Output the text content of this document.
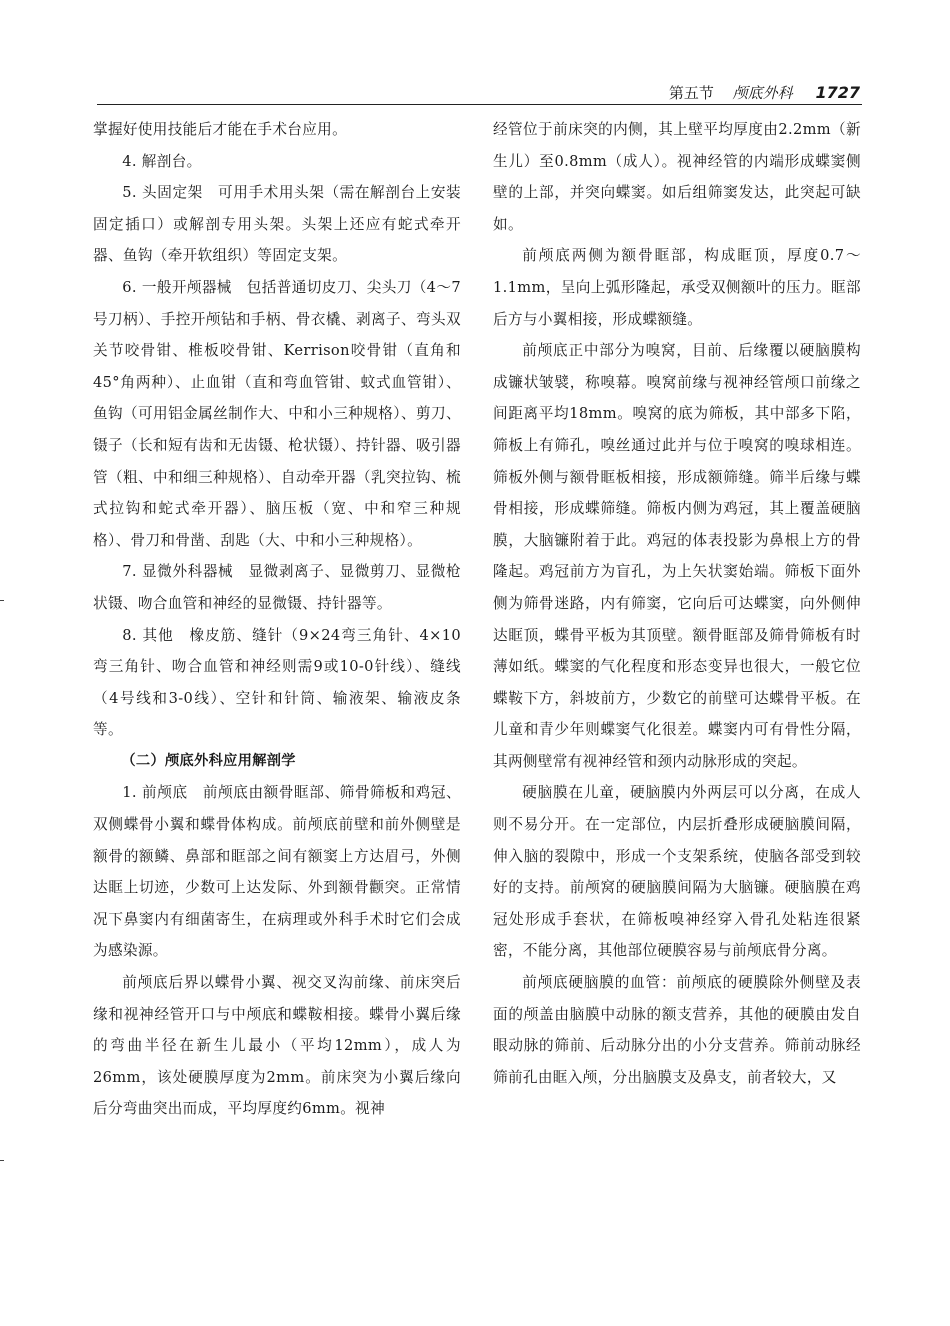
第五节 颅底外科 1727

掌握好使用技能后才能在手术台应用。

4. 解剖台。

5. 头固定架　可用手术用头架（需在解剖台上安装固定插口）或解剖专用头架。头架上还应有蛇式牵开器、鱼钩（牵开软组织）等固定支架。

6. 一般开颅器械　包括普通切皮刀、尖头刀（4～7号刀柄）、手控开颅钻和手柄、骨衣橇、剥离子、弯头双关节咬骨钳、椎板咬骨钳、Kerrison咬骨钳（直角和45°角两种）、止血钳（直和弯血管钳、蚊式血管钳）、鱼钩（可用铝金属丝制作大、中和小三种规格）、剪刀、镊子（长和短有齿和无齿镊、枪状镊）、持针器、吸引器管（粗、中和细三种规格）、自动牵开器（乳突拉钩、梳式拉钩和蛇式牵开器）、脑压板（宽、中和窄三种规格）、骨刀和骨凿、刮匙（大、中和小三种规格）。

7. 显微外科器械　显微剥离子、显微剪刀、显微枪状镊、吻合血管和神经的显微镊、持针器等。

8. 其他　橡皮筋、缝针（9×24弯三角针、4×10弯三角针、吻合血管和神经则需9或10-0针线）、缝线（4号线和3-0线）、空针和针筒、输液架、输液皮条等。

（二）颅底外科应用解剖学

1. 前颅底　前颅底由额骨眶部、筛骨筛板和鸡冠、双侧蝶骨小翼和蝶骨体构成。前颅底前壁和前外侧壁是额骨的额鳞、鼻部和眶部之间有额窦上方达眉弓，外侧达眶上切迹，少数可上达发际、外到额骨颧突。正常情况下鼻窦内有细菌寄生，在病理或外科手术时它们会成为感染源。

前颅底后界以蝶骨小翼、视交叉沟前缘、前床突后缘和视神经管开口与中颅底和蝶鞍相接。蝶骨小翼后缘的弯曲半径在新生儿最小（平均12mm），成人为26mm，该处硬膜厚度为2mm。前床突为小翼后缘向后分弯曲突出而成，平均厚度约6mm。视神

经管位于前床突的内侧，其上壁平均厚度由2.2mm（新生儿）至0.8mm（成人）。视神经管的内端形成蝶窦侧壁的上部，并突向蝶窦。如后组筛窦发达，此突起可缺如。

前颅底两侧为额骨眶部，构成眶顶，厚度0.7～1.1mm，呈向上弧形隆起，承受双侧额叶的压力。眶部后方与小翼相接，形成蝶额缝。

前颅底正中部分为嗅窝，目前、后缘覆以硬脑膜构成镰状皱襞，称嗅幕。嗅窝前缘与视神经管颅口前缘之间距离平均18mm。嗅窝的底为筛板，其中部多下陷，筛板上有筛孔，嗅丝通过此并与位于嗅窝的嗅球相连。筛板外侧与额骨眶板相接，形成额筛缝。筛半后缘与蝶骨相接，形成蝶筛缝。筛板内侧为鸡冠，其上覆盖硬脑膜，大脑镰附着于此。鸡冠的体表投影为鼻根上方的骨隆起。鸡冠前方为盲孔，为上矢状窦始端。筛板下面外侧为筛骨迷路，内有筛窦，它向后可达蝶窦，向外侧伸达眶顶，蝶骨平板为其顶壁。额骨眶部及筛骨筛板有时薄如纸。蝶窦的气化程度和形态变异也很大，一般它位蝶鞍下方，斜坡前方，少数它的前壁可达蝶骨平板。在儿童和青少年则蝶窦气化很差。蝶窦内可有骨性分隔，其两侧壁常有视神经管和颈内动脉形成的突起。

硬脑膜在儿童，硬脑膜内外两层可以分离，在成人则不易分开。在一定部位，内层折叠形成硬脑膜间隔，伸入脑的裂隙中，形成一个支架系统，使脑各部受到较好的支持。前颅窝的硬脑膜间隔为大脑镰。硬脑膜在鸡冠处形成手套状，在筛板嗅神经穿入骨孔处粘连很紧密，不能分离，其他部位硬膜容易与前颅底骨分离。

前颅底硬脑膜的血管：前颅底的硬膜除外侧壁及表面的颅盖由脑膜中动脉的额支营养，其他的硬膜由发自眼动脉的筛前、后动脉分出的小分支营养。筛前动脉经筛前孔由眶入颅，分出脑膜支及鼻支，前者较大，又
